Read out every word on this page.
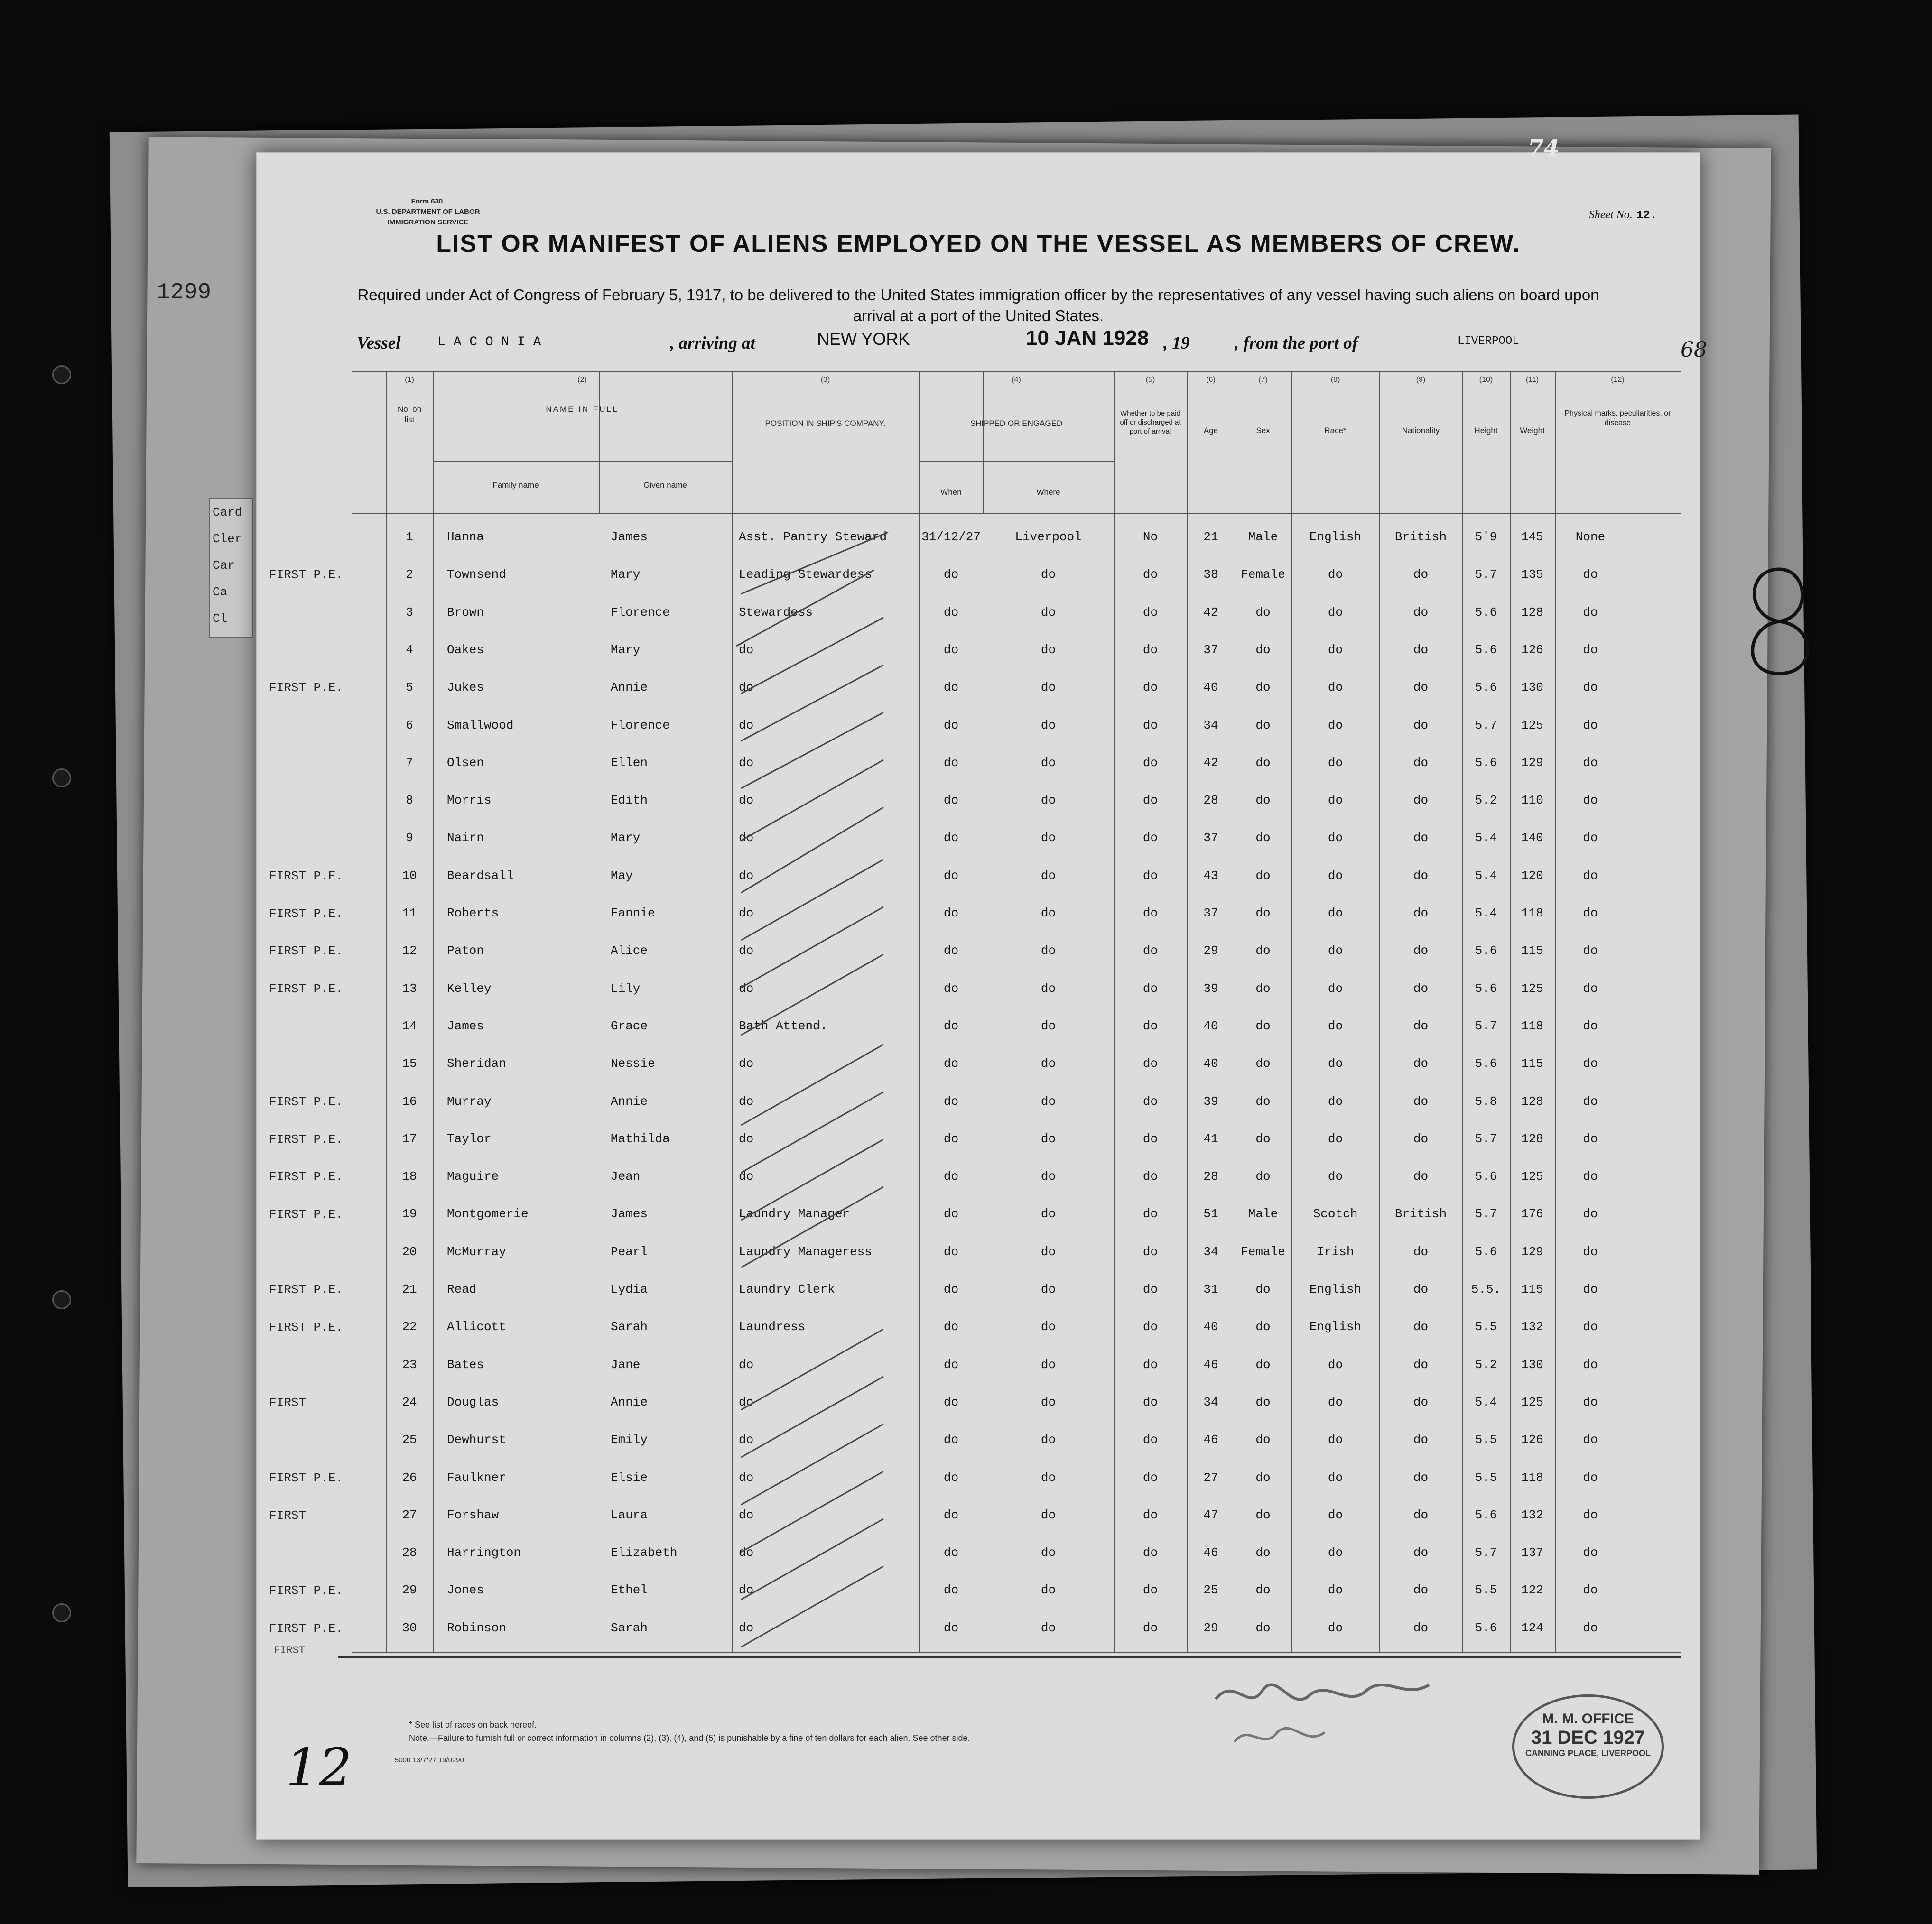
1299
Card
Cler
Car
Ca
Cl
Form 630.
U.S. DEPARTMENT OF LABOR
IMMIGRATION SERVICE
Sheet No. 12.
LIST OR MANIFEST OF ALIENS EMPLOYED ON THE VESSEL AS MEMBERS OF CREW.
Required under Act of Congress of February 5, 1917, to be delivered to the United States immigration officer by the representatives of any vessel having such aliens on board upon arrival at a port of the United States.
Vessel	L A C O N I A	, arriving at	NEW YORK	10 JAN 1928 , 19	, from the port of	LIVERPOOL	68
(1)	(2)	(3)	(4)	(5)	(6)	(7)	(8)	(9)	(10)	(11)	(12)
No. on list
NAME IN FULL
Family name	Given name
POSITION IN SHIP'S COMPANY.	SHIPPED OR ENGAGED
When	Where
Whether to be paid off or discharged at port of arrival	Age	Sex	Race*	Nationality	Height	Weight
Physical marks, peculiarities, or disease
1	Hanna	James	Asst. Pantry Steward	31/12/27	Liverpool	No	21	Male	English	British	5'9	145	None
2	Townsend	Mary	Leading Stewardess	do	do	do	38	Female	do	do	5.7	135	do
FIRST P.E.
3	Brown	Florence	Stewardess	do	do	do	42	do	do	do	5.6	128	do
4	Oakes	Mary	do	do	do	do	37	do	do	do	5.6	126	do
5	Jukes	Annie	do	do	do	do	40	do	do	do	5.6	130	do
FIRST P.E.
6	Smallwood	Florence	do	do	do	do	34	do	do	do	5.7	125	do
7	Olsen	Ellen	do	do	do	do	42	do	do	do	5.6	129	do
8	Morris	Edith	do	do	do	do	28	do	do	do	5.2	110	do
9	Nairn	Mary	do	do	do	do	37	do	do	do	5.4	140	do
10	Beardsall	May	do	do	do	do	43	do	do	do	5.4	120	do
FIRST P.E.
11	Roberts	Fannie	do	do	do	do	37	do	do	do	5.4	118	do
FIRST P.E.
12	Paton	Alice	do	do	do	do	29	do	do	do	5.6	115	do
FIRST P.E.
13	Kelley	Lily	do	do	do	do	39	do	do	do	5.6	125	do
FIRST P.E.
14	James	Grace	Bath Attend.	do	do	do	40	do	do	do	5.7	118	do
15	Sheridan	Nessie	do	do	do	do	40	do	do	do	5.6	115	do
16	Murray	Annie	do	do	do	do	39	do	do	do	5.8	128	do
FIRST P.E.
17	Taylor	Mathilda	do	do	do	do	41	do	do	do	5.7	128	do
FIRST P.E.
18	Maguire	Jean	do	do	do	do	28	do	do	do	5.6	125	do
FIRST P.E.
19	Montgomerie	James	Laundry Manager	do	do	do	51	Male	Scotch	British	5.7	176	do
FIRST P.E.
20	McMurray	Pearl	Laundry Manageress	do	do	do	34	Female	Irish	do	5.6	129	do
21	Read	Lydia	Laundry Clerk	do	do	do	31	do	English	do	5.5.	115	do
FIRST P.E.
22	Allicott	Sarah	Laundress	do	do	do	40	do	English	do	5.5	132	do
FIRST P.E.
23	Bates	Jane	do	do	do	do	46	do	do	do	5.2	130	do
24	Douglas	Annie	do	do	do	do	34	do	do	do	5.4	125	do
FIRST
25	Dewhurst	Emily	do	do	do	do	46	do	do	do	5.5	126	do
26	Faulkner	Elsie	do	do	do	do	27	do	do	do	5.5	118	do
FIRST P.E.
27	Forshaw	Laura	do	do	do	do	47	do	do	do	5.6	132	do
FIRST
28	Harrington	Elizabeth	do	do	do	do	46	do	do	do	5.7	137	do
29	Jones	Ethel	do	do	do	do	25	do	do	do	5.5	122	do
FIRST P.E.
30	Robinson	Sarah	do	do	do	do	29	do	do	do	5.6	124	do
FIRST P.E.
FIRST
* See list of races on back hereof.
Note.—Failure to furnish full or correct information in columns (2), (3), (4), and (5) is punishable by a fine of ten dollars for each alien. See other side.
5000 13/7/27 19/0290
M. M. OFFICE
31 DEC 1927
CANNING PLACE, LIVERPOOL
12
74
